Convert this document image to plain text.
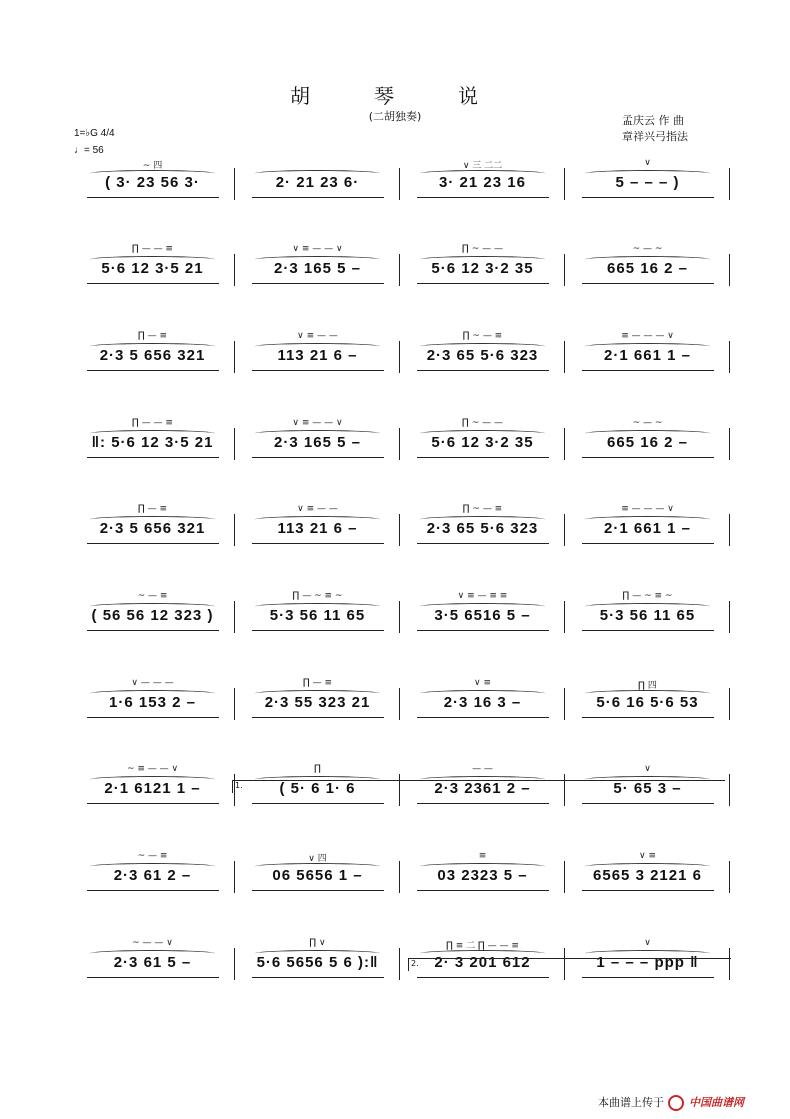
胡　琴　说
(二胡独奏)	孟庆云 作 曲
章祥兴弓指法
1=♭G 4/4
♩= 56
~ 四
( 3· 23 56 3·	2· 21 23 6·
∨ 三 二二
3· 21 23 16
∨
5 – – – )
∏ — — ≡
5·6 12 3·5 21
∨ ≡ — — ∨
2·3 165 5 –
∏ ~ — —
5·6 12 3·2 35
~ — ~
665 16 2 –
∏ — ≡
2·3 5 656 321
∨ ≡ — —
113 21 6 –
∏ ~ — ≡
2·3 65 5·6 323
≡ — — — ∨
2·1 661 1 –
∏ — — ≡
‖: 5·6 12 3·5 21
∨ ≡ — — ∨
2·3 165 5 –
∏ ~ — —
5·6 12 3·2 35
~ — ~
665 16 2 –
∏ — ≡
2·3 5 656 321
∨ ≡ — —
113 21 6 –
∏ ~ — ≡
2·3 65 5·6 323
≡ — — — ∨
2·1 661 1 –
~ — ≡
( 56 56 12 323 )
∏ — ~ ≡ ~
5·3 56 11 65
∨ ≡ — ≡ ≡
3·5 6516 5 –
∏ — ~ ≡ ~
5·3 56 11 65
∨ — — —
1·6 153 2 –
∏ — ≡
2·3 55 323 21
∨ ≡
2·3 16 3 –
∏ 四
5·6 16 5·6 53
~ ≡ — — ∨
2·1 6121 1 –
∏
( 5· 6 1· 6
— —
2·3 2361 2 –
∨
5· 65 3 –
~ — ≡
2·3 61 2 –
∨ 四
06 5656 1 –
≡
03 2323 5 –
∨ ≡
6565 3 2121 6
~ — — ∨
2·3 61 5 –
∏ ∨
5·6 5656 5 6 ):‖
∏ ≡ 二 ∏ — — ≡
2· 3 201 612
∨
1 – – – ppp ‖
1.
2.
本曲谱上传于 中国曲谱网
